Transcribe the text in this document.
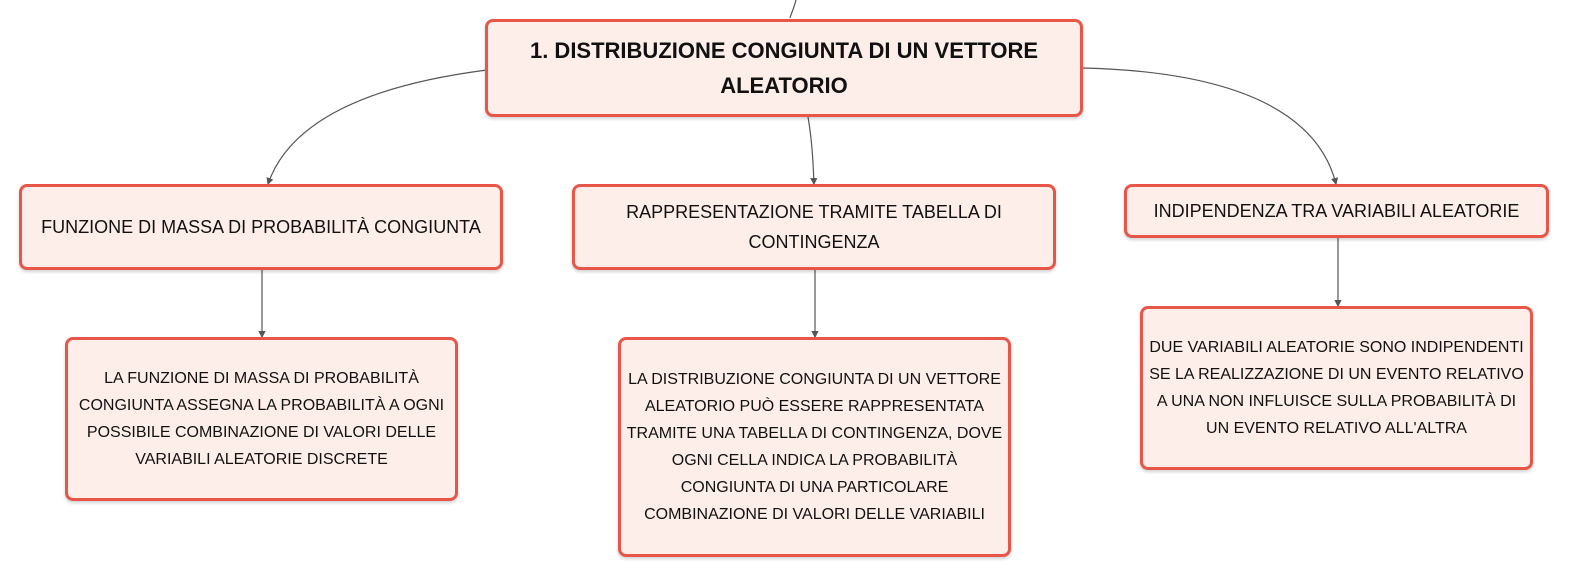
1. DISTRIBUZIONE CONGIUNTA DI UN VETTORE ALEATORIO
FUNZIONE DI MASSA DI PROBABILITÀ CONGIUNTA
RAPPRESENTAZIONE TRAMITE TABELLA DI CONTINGENZA
INDIPENDENZA TRA VARIABILI ALEATORIE
LA FUNZIONE DI MASSA DI PROBABILITÀ CONGIUNTA ASSEGNA LA PROBABILITÀ A OGNI POSSIBILE COMBINAZIONE DI VALORI DELLE VARIABILI ALEATORIE DISCRETE
LA DISTRIBUZIONE CONGIUNTA DI UN VETTORE ALEATORIO PUÒ ESSERE RAPPRESENTATA TRAMITE UNA TABELLA DI CONTINGENZA, DOVE OGNI CELLA INDICA LA PROBABILITÀ CONGIUNTA DI UNA PARTICOLARE COMBINAZIONE DI VALORI DELLE VARIABILI
DUE VARIABILI ALEATORIE SONO INDIPENDENTI SE LA REALIZZAZIONE DI UN EVENTO RELATIVO A UNA NON INFLUISCE SULLA PROBABILITÀ DI UN EVENTO RELATIVO ALL'ALTRA
